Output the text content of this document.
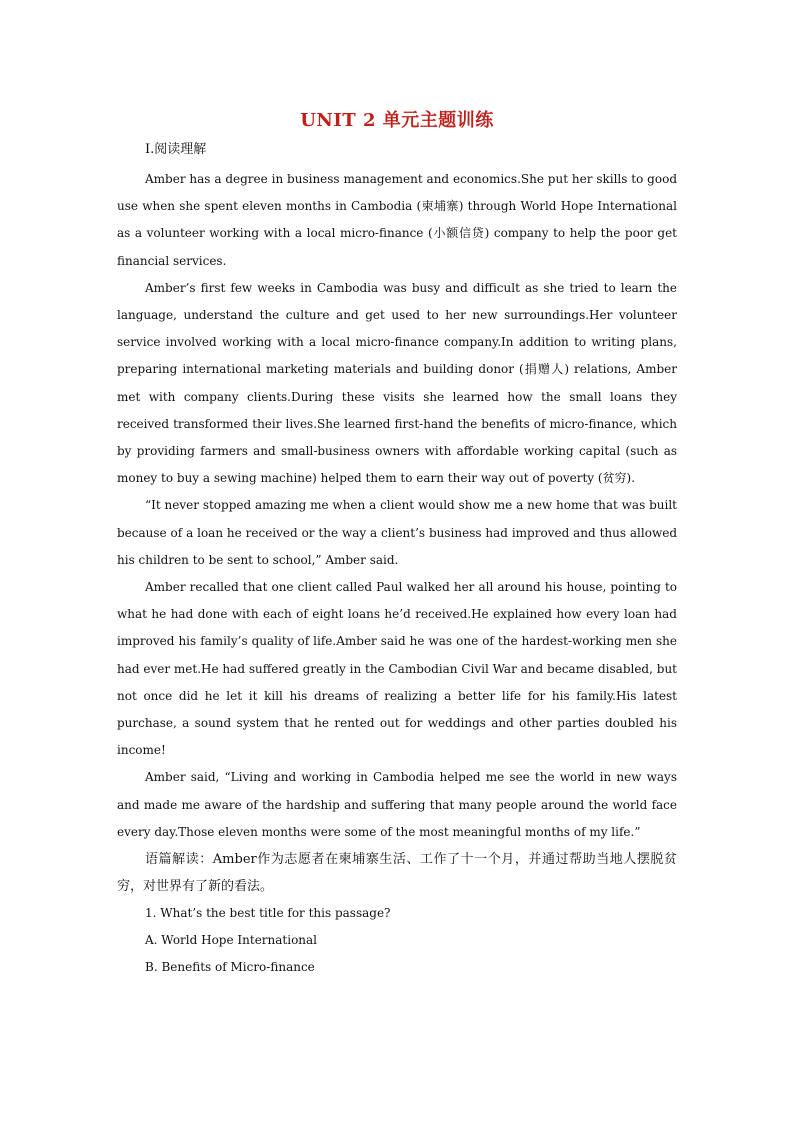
UNIT 2 单元主题训练
Ⅰ.阅读理解

Amber has a degree in business management and economics.She put her skills to good use when she spent eleven months in Cambodia (柬埔寨) through World Hope International as a volunteer working with a local micro-finance (小额信贷) company to help the poor get financial services.

Amber’s first few weeks in Cambodia was busy and difficult as she tried to learn the language, understand the culture and get used to her new surroundings.Her volunteer service involved working with a local micro-finance company.In addition to writing plans, preparing international marketing materials and building donor (捐赠人) relations, Amber met with company clients.During these visits she learned how the small loans they received transformed their lives.She learned first-hand the benefits of micro-finance, which by providing farmers and small-business owners with affordable working capital (such as money to buy a sewing machine) helped them to earn their way out of poverty (贫穷).

“It never stopped amazing me when a client would show me a new home that was built because of a loan he received or the way a client’s business had improved and thus allowed his children to be sent to school,” Amber said.

Amber recalled that one client called Paul walked her all around his house, pointing to what he had done with each of eight loans he’d received.He explained how every loan had improved his family’s quality of life.Amber said he was one of the hardest-working men she had ever met.He had suffered greatly in the Cambodian Civil War and became disabled, but not once did he let it kill his dreams of realizing a better life for his family.His latest purchase, a sound system that he rented out for weddings and other parties doubled his income!

Amber said, “Living and working in Cambodia helped me see the world in new ways and made me aware of the hardship and suffering that many people around the world face every day.Those eleven months were some of the most meaningful months of my life.”

语篇解读：Amber作为志愿者在柬埔寨生活、工作了十一个月，并通过帮助当地人摆脱贫穷，对世界有了新的看法。

1. What’s the best title for this passage?

A. World Hope International

B. Benefits of Micro-finance
